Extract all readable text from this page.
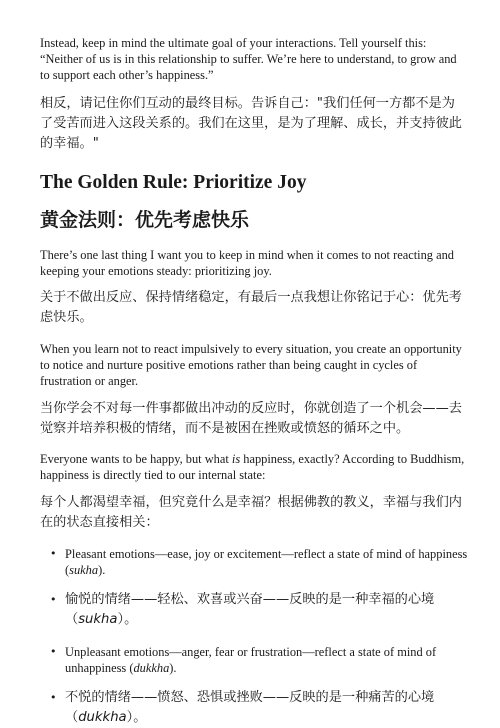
Instead, keep in mind the ultimate goal of your interactions. Tell yourself this: “Neither of us is in this relationship to suffer. We’re here to understand, to grow and to support each other’s happiness.”

相反，请记住你们互动的最终目标。告诉自己："我们任何一方都不是为了受苦而进入这段关系的。我们在这里，是为了理解、成长，并支持彼此的幸福。"

The Golden Rule: Prioritize Joy
黄金法则：优先考虑快乐

There’s one last thing I want you to keep in mind when it comes to not reacting and keeping your emotions steady: prioritizing joy.

关于不做出反应、保持情绪稳定，有最后一点我想让你铭记于心：优先考虑快乐。

When you learn not to react impulsively to every situation, you create an opportunity to notice and nurture positive emotions rather than being caught in cycles of frustration or anger.

当你学会不对每一件事都做出冲动的反应时，你就创造了一个机会——去觉察并培养积极的情绪，而不是被困在挫败或愤怒的循环之中。

Everyone wants to be happy, but what is happiness, exactly? According to Buddhism, happiness is directly tied to our internal state:

每个人都渴望幸福，但究竟什么是幸福？根据佛教的教义，幸福与我们内在的状态直接相关：

• Pleasant emotions—ease, joy or excitement—reflect a state of mind of happiness (sukha).
• 愉悦的情绪——轻松、欢喜或兴奋——反映的是一种幸福的心境（sukha）。
• Unpleasant emotions—anger, fear or frustration—reflect a state of mind of unhappiness (dukkha).
• 不悦的情绪——愤怒、恐惧或挫败——反映的是一种痛苦的心境（dukkha）。
